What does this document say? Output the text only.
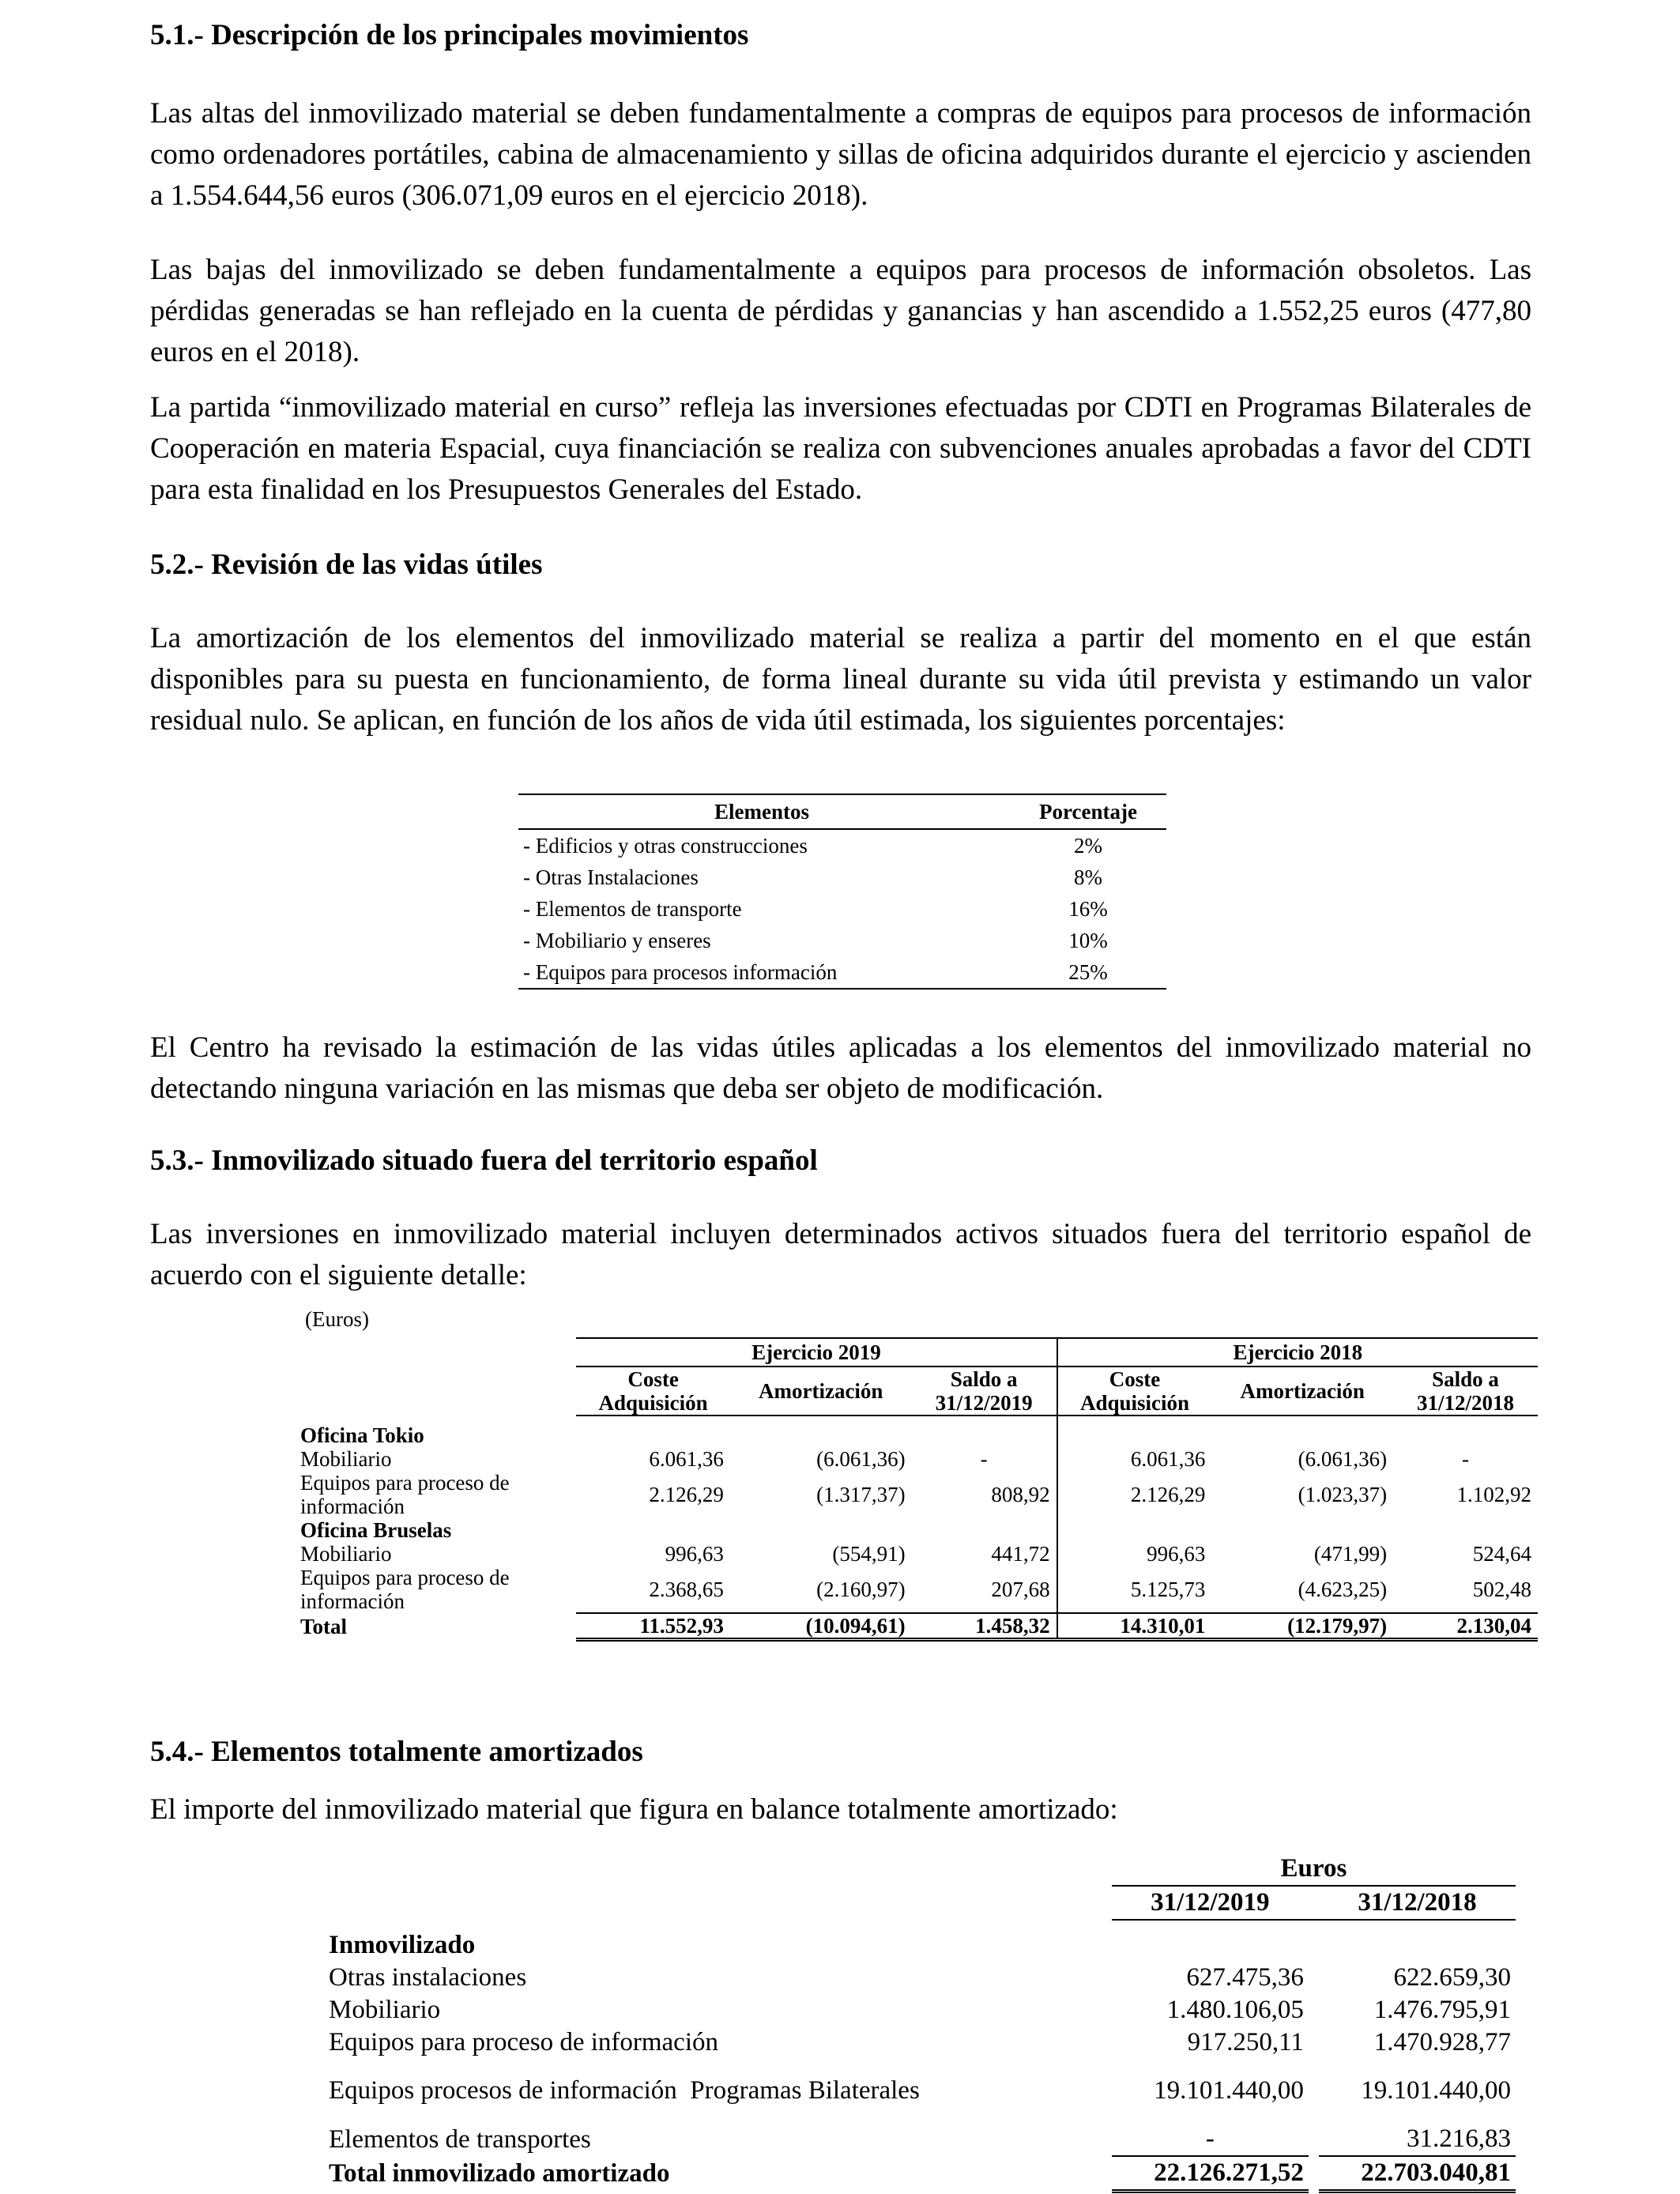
5.1.- Descripción de los principales movimientos

Las altas del inmovilizado material se deben fundamentalmente a compras de equipos para procesos de información como ordenadores portátiles, cabina de almacenamiento y sillas de oficina adquiridos durante el ejercicio y ascienden a 1.554.644,56 euros (306.071,09 euros en el ejercicio 2018).

Las bajas del inmovilizado se deben fundamentalmente a equipos para procesos de información obsoletos. Las pérdidas generadas se han reflejado en la cuenta de pérdidas y ganancias y han ascendido a 1.552,25 euros (477,80 euros en el 2018).

La partida “inmovilizado material en curso” refleja las inversiones efectuadas por CDTI en Programas Bilaterales de Cooperación en materia Espacial, cuya financiación se realiza con subvenciones anuales aprobadas a favor del CDTI para esta finalidad en los Presupuestos Generales del Estado.

5.2.- Revisión de las vidas útiles

La amortización de los elementos del inmovilizado material se realiza a partir del momento en el que están disponibles para su puesta en funcionamiento, de forma lineal durante su vida útil prevista y estimando un valor residual nulo. Se aplican, en función de los años de vida útil estimada, los siguientes porcentajes:

Elementos	Porcentaje
- Edificios y otras construcciones	2%
- Otras Instalaciones	8%
- Elementos de transporte	16%
- Mobiliario y enseres	10%
- Equipos para procesos información	25%

El Centro ha revisado la estimación de las vidas útiles aplicadas a los elementos del inmovilizado material no detectando ninguna variación en las mismas que deba ser objeto de modificación.

5.3.- Inmovilizado situado fuera del territorio español

Las inversiones en inmovilizado material incluyen determinados activos situados fuera del territorio español de acuerdo con el siguiente detalle:

(Euros)
	Ejercicio 2019			Ejercicio 2018		
	Coste Adquisición	Amortización	Saldo a 31/12/2019	Coste Adquisición	Amortización	Saldo a 31/12/2018
Oficina Tokio						
Mobiliario	6.061,36	(6.061,36)	-	6.061,36	(6.061,36)	-
Equipos para proceso de información	2.126,29	(1.317,37)	808,92	2.126,29	(1.023,37)	1.102,92
Oficina Bruselas						
Mobiliario	996,63	(554,91)	441,72	996,63	(471,99)	524,64
Equipos para proceso de información	2.368,65	(2.160,97)	207,68	5.125,73	(4.623,25)	502,48
Total	11.552,93	(10.094,61)	1.458,32	14.310,01	(12.179,97)	2.130,04
5.4.- Elementos totalmente amortizados

El importe del inmovilizado material que figura en balance totalmente amortizado:

	Euros		
	31/12/2019		31/12/2018
Inmovilizado			
Otras instalaciones	627.475,36		622.659,30
Mobiliario	1.480.106,05		1.476.795,91
Equipos para proceso de información	917.250,11		1.470.928,77

Equipos procesos de información  Programas Bilaterales	19.101.440,00		19.101.440,00

Elementos de transportes	-		31.216,83
Total inmovilizado amortizado	22.126.271,52		22.703.040,81
